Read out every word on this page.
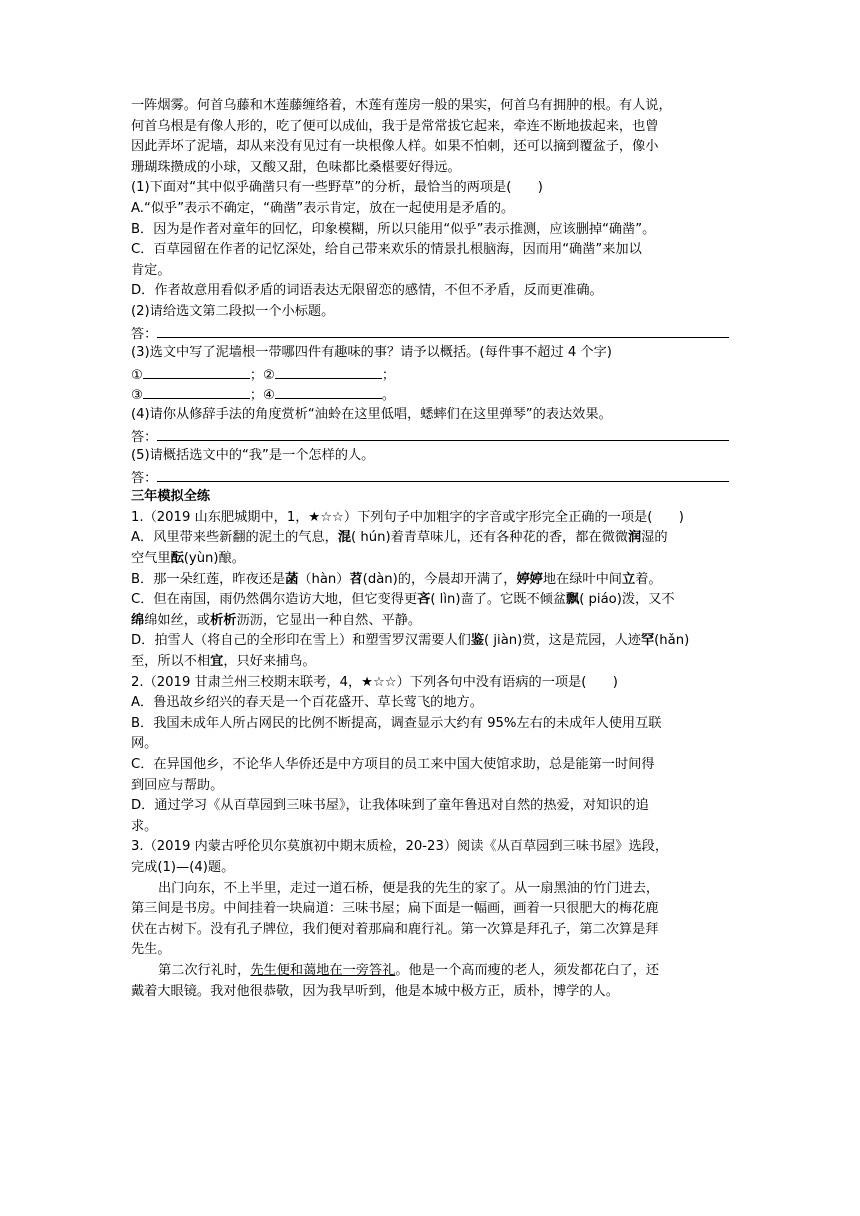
一阵烟雾。何首乌藤和木莲藤缠络着，木莲有莲房一般的果实，何首乌有拥肿的根。有人说，
何首乌根是有像人形的，吃了便可以成仙，我于是常常拔它起来，牵连不断地拔起来，也曾
因此弄坏了泥墙，却从来没有见过有一块根像人样。如果不怕刺，还可以摘到覆盆子，像小
珊瑚珠攒成的小球，又酸又甜，色味都比桑椹要好得远。
(1)下面对“其中似乎确凿只有一些野草”的分析，最恰当的两项是(　　)
A.“似乎”表示不确定，“确凿”表示肯定，放在一起使用是矛盾的。
B．因为是作者对童年的回忆，印象模糊，所以只能用“似乎”表示推测，应该删掉“确凿”。
C．百草园留在作者的记忆深处，给自己带来欢乐的情景扎根脑海，因而用“确凿”来加以
肯定。
D．作者故意用看似矛盾的词语表达无限留恋的感情，不但不矛盾，反而更准确。
(2)请给选文第二段拟一个小标题。
答：
(3)选文中写了泥墙根一带哪四件有趣味的事？请予以概括。(每件事不超过 4 个字)
①	；②	；
③	；④	。
(4)请你从修辞手法的角度赏析“油蛉在这里低唱，蟋蟀们在这里弹琴”的表达效果。
答：
(5)请概括选文中的“我”是一个怎样的人。
答：
三年模拟全练
1.（2019 山东肥城期中，1，★☆☆）下列句子中加粗字的字音或字形完全正确的一项是(　　)
A．风里带来些新翻的泥土的气息，混( hún)着青草味儿，还有各种花的香，都在微微润湿的
空气里酝(yùn)酿。
B．那一朵红莲，昨夜还是菡（hàn）苕(dàn)的，今晨却开满了，婷婷地在绿叶中间立着。
C．但在南国，雨仍然偶尔造访大地，但它变得更吝( lìn)啬了。它既不倾盆飘( piáo)泼，又不
绵绵如丝，或析析沥沥，它显出一种自然、平静。
D．拍雪人（将自己的全形印在雪上）和塑雪罗汉需要人们鉴( jiàn)赏，这是荒园，人迹罕(hǎn)
至，所以不相宜，只好来捕鸟。
2.（2019 甘肃兰州三校期末联考，4，★☆☆）下列各句中没有语病的一项是(　　)
A．鲁迅故乡绍兴的春天是一个百花盛开、草长莺飞的地方。
B．我国未成年人所占网民的比例不断提高，调查显示大约有 95%左右的未成年人使用互联
网。
C．在异国他乡，不论华人华侨还是中方项目的员工来中国大使馆求助，总是能第一时间得
到回应与帮助。
D．通过学习《从百草园到三味书屋》，让我体味到了童年鲁迅对自然的热爱，对知识的追
求。
3.（2019 内蒙古呼伦贝尔莫旗初中期末质检，20-23）阅读《从百草园到三味书屋》选段，
完成(1)—(4)题。
出门向东，不上半里，走过一道石桥，便是我的先生的家了。从一扇黑油的竹门进去，
第三间是书房。中间挂着一块扁道：三味书屋；扁下面是一幅画，画着一只很肥大的梅花鹿
伏在古树下。没有孔子牌位，我们便对着那扁和鹿行礼。第一次算是拜孔子，第二次算是拜
先生。
第二次行礼时，先生便和蔼地在一旁答礼。他是一个高而瘦的老人，须发都花白了，还
戴着大眼镜。我对他很恭敬，因为我早听到，他是本城中极方正，质朴，博学的人。
